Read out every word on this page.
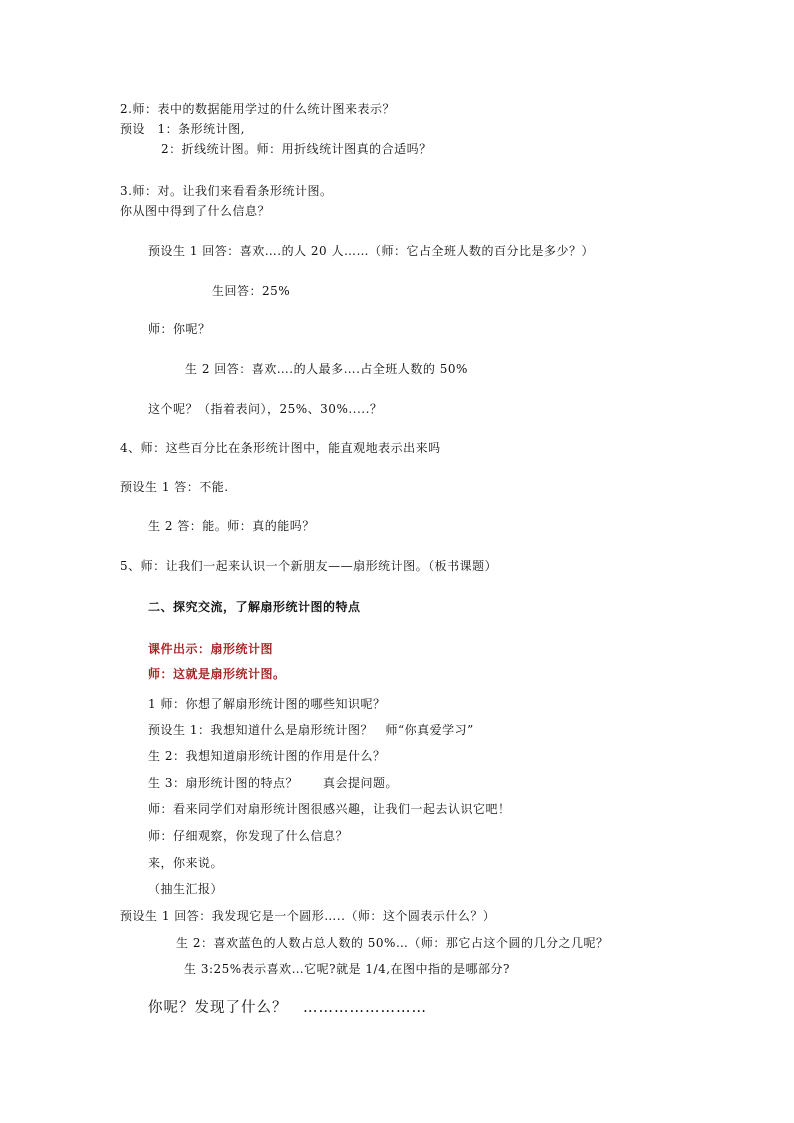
2.师：表中的数据能用学过的什么统计图来表示？
预设　1：条形统计图,
2：折线统计图。师：用折线统计图真的合适吗？
3.师：对。让我们来看看条形统计图。
你从图中得到了什么信息？
预设生 1 回答：喜欢….的人 20 人……（师：它占全班人数的百分比是多少？）
生回答：25%
师：你呢？
生 2 回答：喜欢….的人最多….占全班人数的 50%
这个呢？（指着表问），25%、30%.....？
4、师：这些百分比在条形统计图中，能直观地表示出来吗
预设生 1 答：不能.
生 2 答：能。师：真的能吗？
5、师：让我们一起来认识一个新朋友——扇形统计图。（板书课题）
二、探究交流，了解扇形统计图的特点
课件出示：扇形统计图
师：这就是扇形统计图。
1 师：你想了解扇形统计图的哪些知识呢？
预设生 1：我想知道什么是扇形统计图？　师“你真爱学习”
生 2：我想知道扇形统计图的作用是什么？
生 3：扇形统计图的特点？　　真会提问题。
师：看来同学们对扇形统计图很感兴趣，让我们一起去认识它吧！
师：仔细观察，你发现了什么信息？
来，你来说。
（抽生汇报）
预设生 1 回答：我发现它是一个圆形…..（师：这个圆表示什么？）
生 2：喜欢蓝色的人数占总人数的 50%…（师：那它占这个圆的几分之几呢？
生 3:25%表示喜欢…它呢?就是 1/4,在图中指的是哪部分?
你呢？发现了什么？　……………………
